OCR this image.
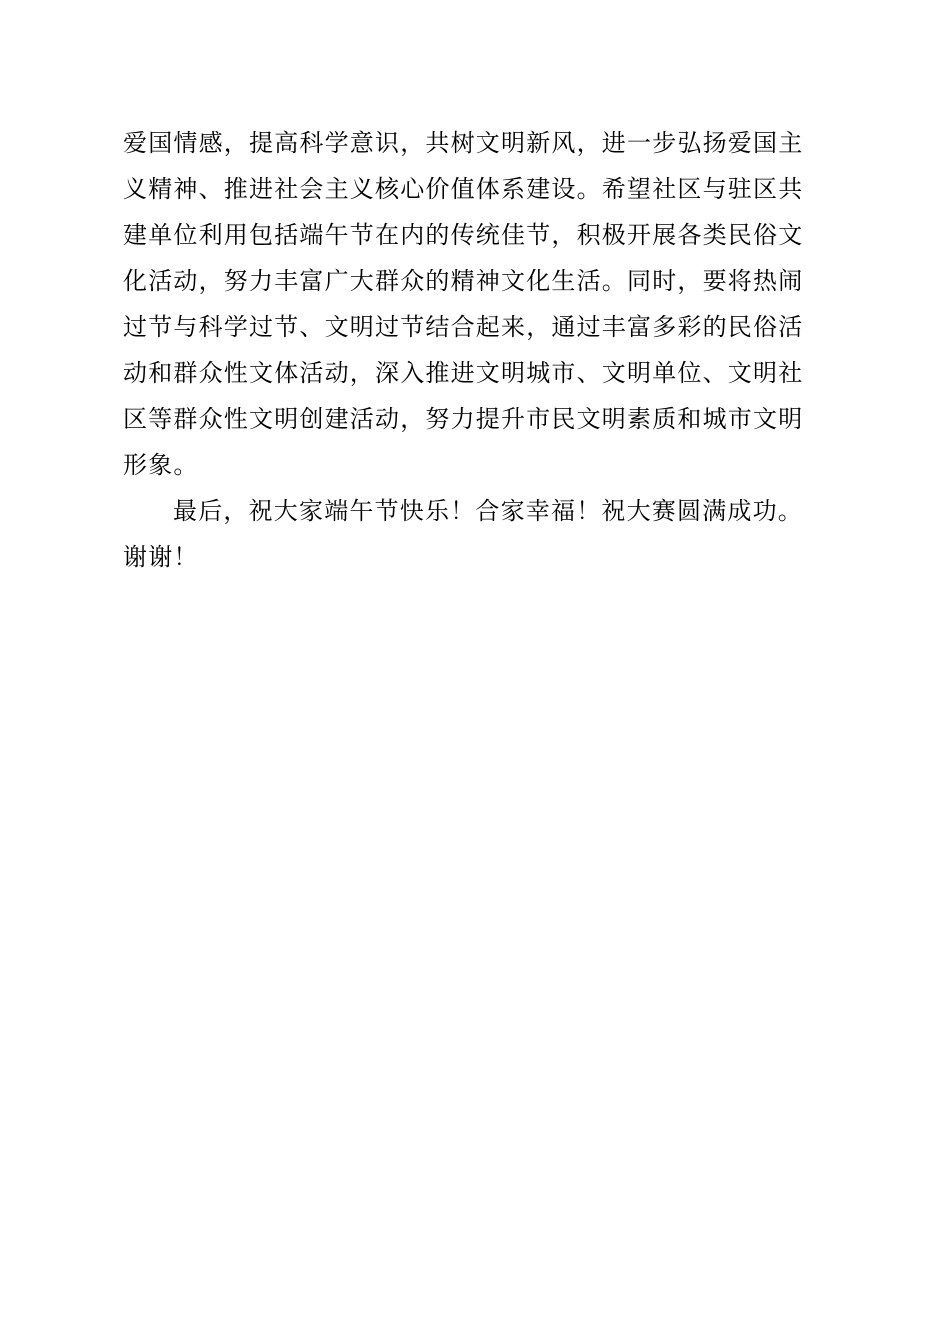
爱国情感，提高科学意识，共树文明新风，进一步弘扬爱国主
义精神、推进社会主义核心价值体系建设。希望社区与驻区共
建单位利用包括端午节在内的传统佳节，积极开展各类民俗文
化活动，努力丰富广大群众的精神文化生活。同时，要将热闹
过节与科学过节、文明过节结合起来，通过丰富多彩的民俗活
动和群众性文体活动，深入推进文明城市、文明单位、文明社
区等群众性文明创建活动，努力提升市民文明素质和城市文明
形象。
最后，祝大家端午节快乐！合家幸福！祝大赛圆满成功。
谢谢！
